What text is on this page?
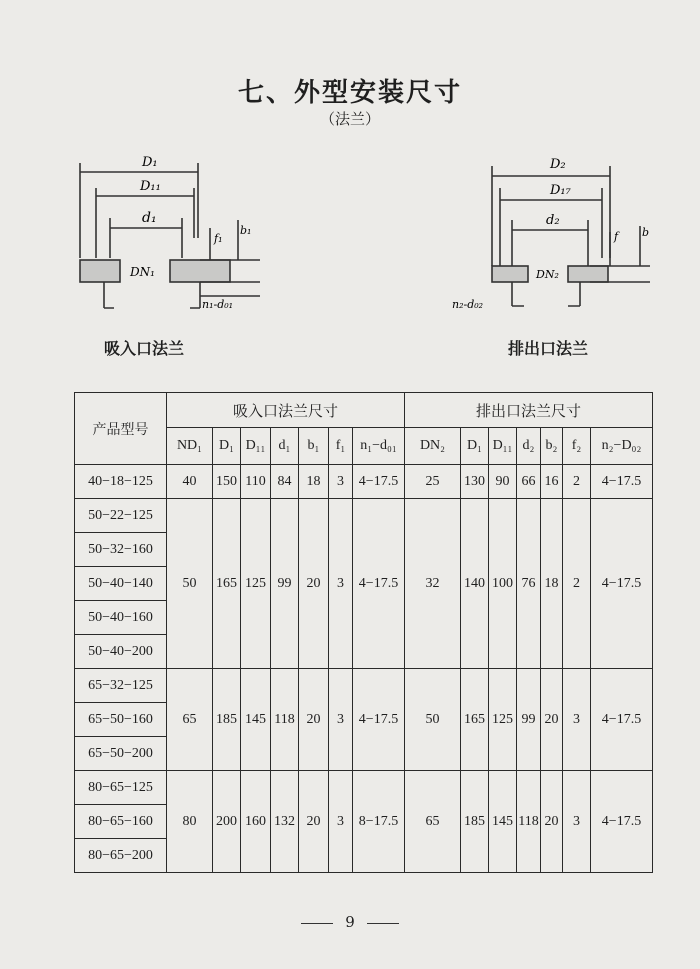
七、外型安装尺寸
（法兰）
D₁
D₁₁
d₁
DN₁
b₁
f₁
n₁-d₀₁
吸入口法兰
D₂
D₁₇
d₂
DN₂
n₂-d₀₂
f b
排出口法兰
产品型号	吸入口法兰尺寸							排出口法兰尺寸						
	ND₁	D₁	D₁₁	d₁	b₁	f₁	n₁−d₀₁	DN₂	D₁	D₁₁	d₂	b₂	f₂	n₂−D₀₂
40−18−125	40	150	110	84	18	3	4−17.5	25	130	90	66	16	2	4−17.5
50−22−125	50	165	125	99	20	3	4−17.5	32	140	100	76	18	2	4−17.5
50−32−160														
50−40−140														
50−40−160														
50−40−200														
65−32−125	65	185	145	118	20	3	4−17.5	50	165	125	99	20	3	4−17.5
65−50−160														
65−50−200														
80−65−125	80	200	160	132	20	3	8−17.5	65	185	145	118	20	3	4−17.5
80−65−160														
80−65−200														
9
